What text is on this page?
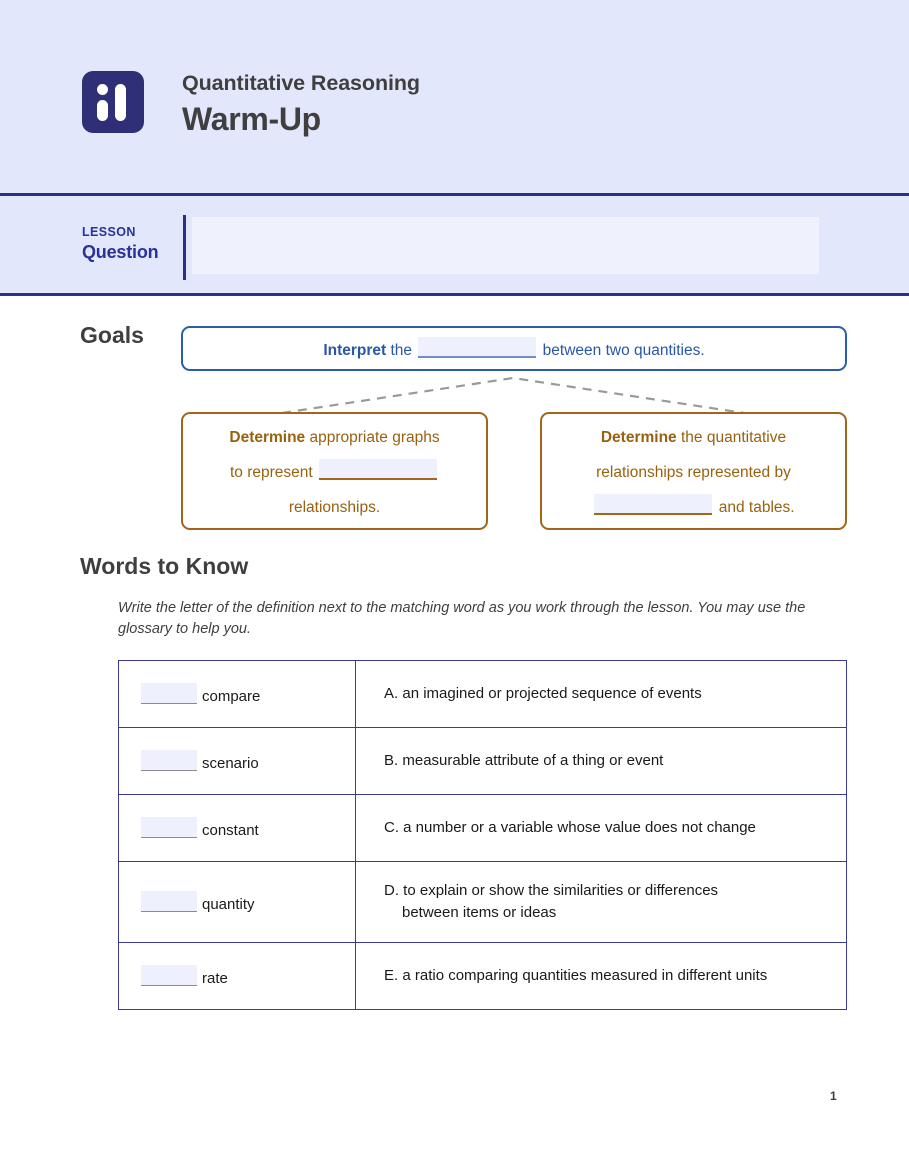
Quantitative Reasoning
Warm-Up
LESSON
Question
Goals
Interpret the	between two quantities.
Determine appropriate graphs
to represent
relationships.
Determine the quantitative
relationships represented by
and tables.
Words to Know
Write the letter of the definition next to the matching word as you work through the lesson. You may use the glossary to help you.
compare	A. an imagined or projected sequence of events
scenario	B. measurable attribute of a thing or event
constant	C. a number or a variable whose value does not change
quantity	D. to explain or show the similarities or differences
between items or ideas

rate	E. a ratio comparing quantities measured in different units
1
